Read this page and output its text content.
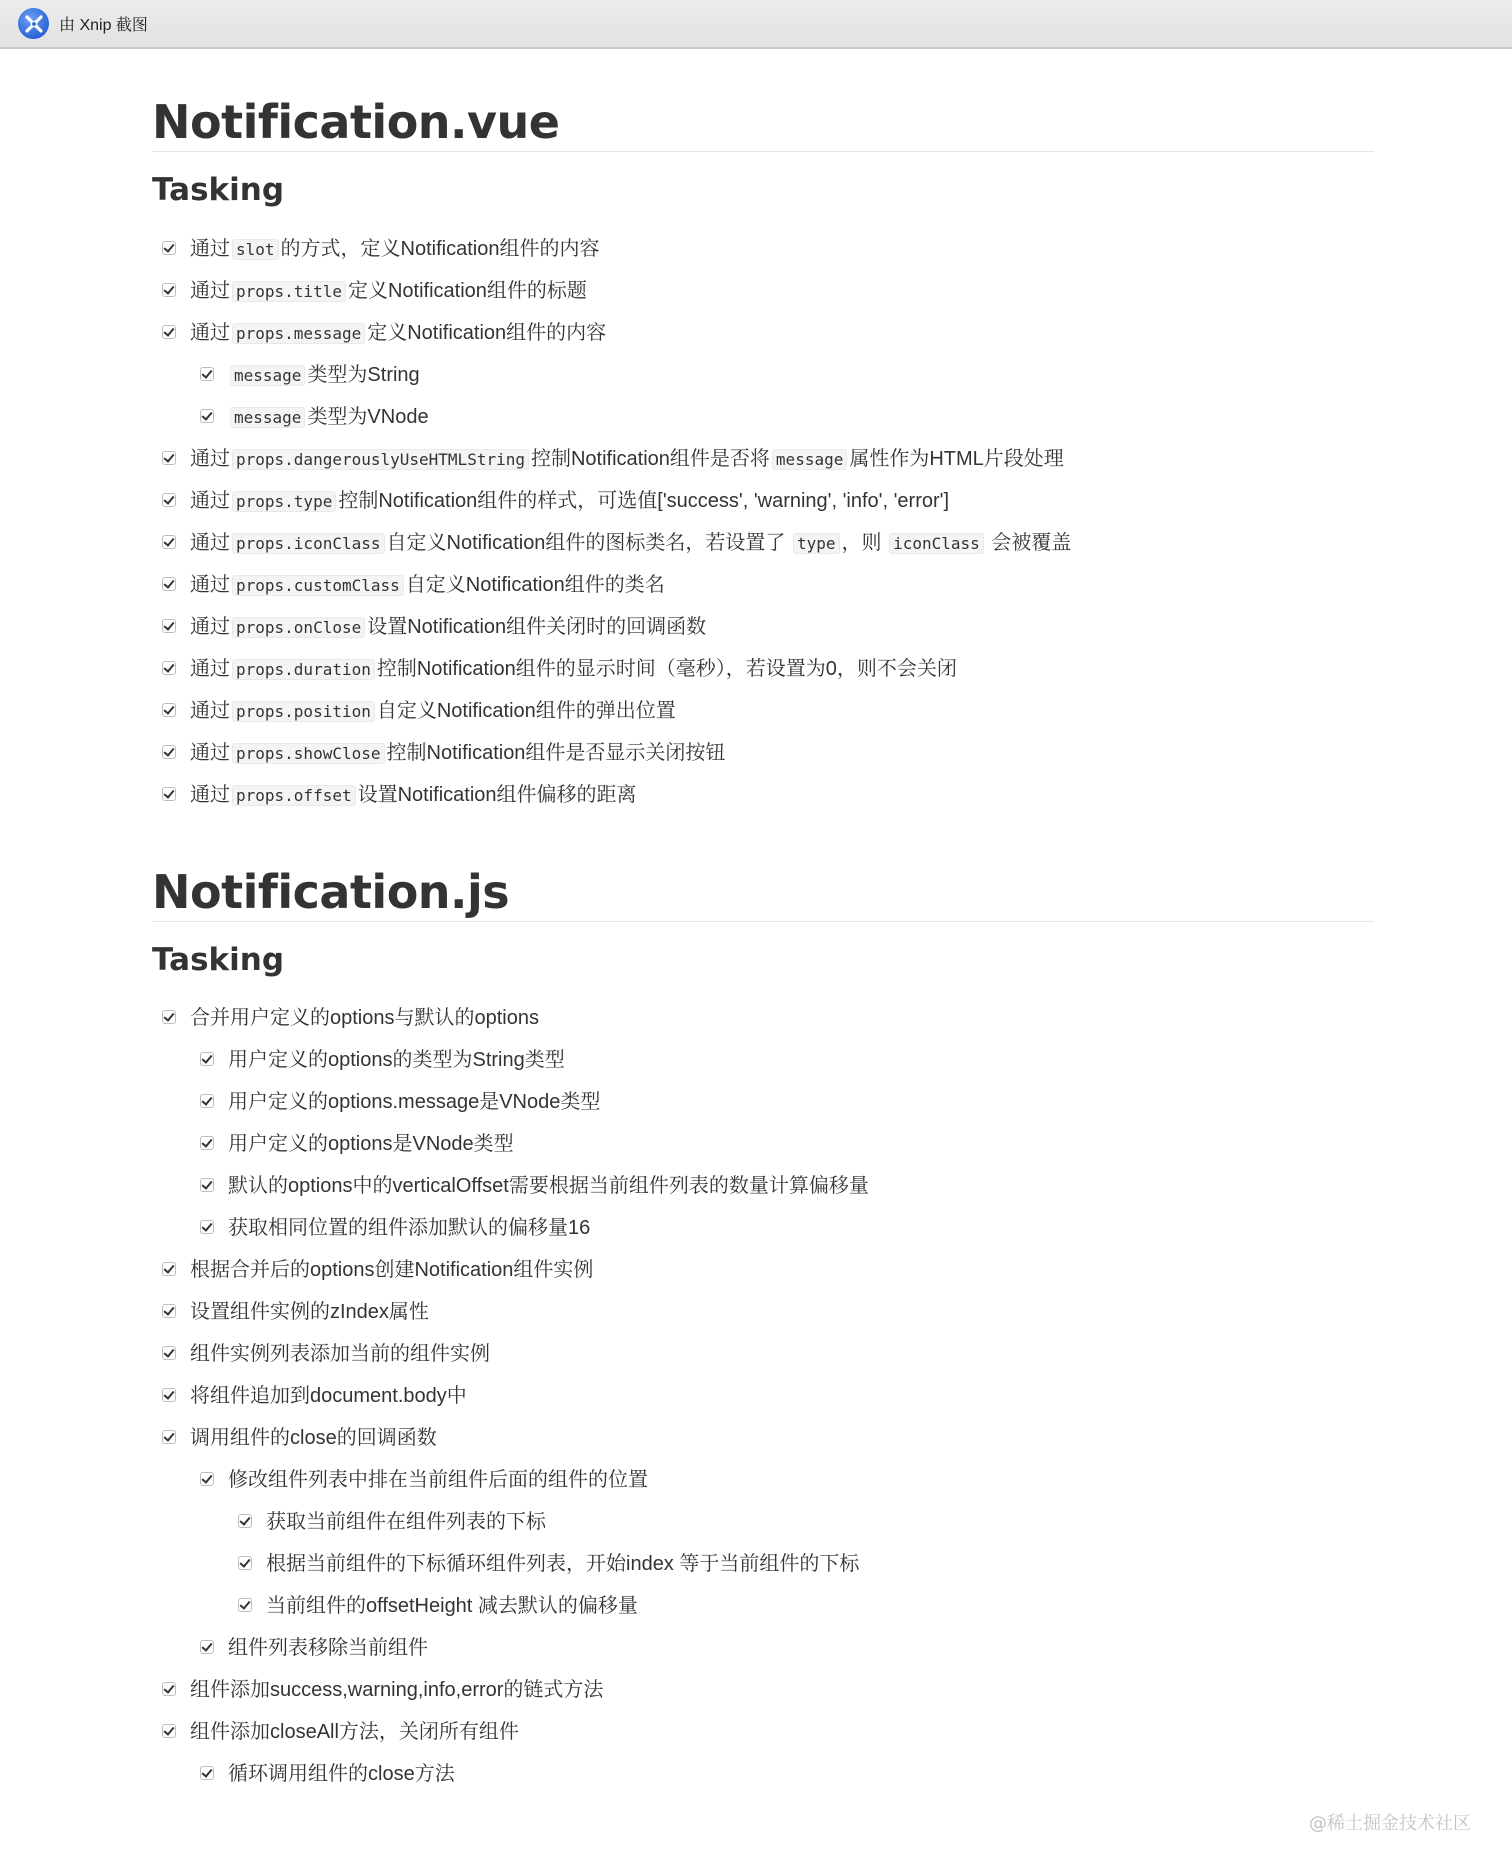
由 Xnip 截图
Notification.vue
Tasking
通过 slot 的方式，定义Notification组件的内容
通过 props.title 定义Notification组件的标题
通过 props.message 定义Notification组件的内容
message 类型为String
message 类型为VNode
通过 props.dangerouslyUseHTMLString 控制Notification组件是否将 message 属性作为HTML片段处理
通过 props.type 控制Notification组件的样式，可选值['success', 'warning', 'info', 'error']
通过 props.iconClass 自定义Notification组件的图标类名，若设置了 type ，则 iconClass 会被覆盖
通过 props.customClass 自定义Notification组件的类名
通过 props.onClose 设置Notification组件关闭时的回调函数
通过 props.duration 控制Notification组件的显示时间（毫秒），若设置为0，则不会关闭
通过 props.position 自定义Notification组件的弹出位置
通过 props.showClose 控制Notification组件是否显示关闭按钮
通过 props.offset 设置Notification组件偏移的距离
Notification.js
Tasking
合并用户定义的options与默认的options
用户定义的options的类型为String类型
用户定义的options.message是VNode类型
用户定义的options是VNode类型
默认的options中的verticalOffset需要根据当前组件列表的数量计算偏移量
获取相同位置的组件添加默认的偏移量16
根据合并后的options创建Notification组件实例
设置组件实例的zIndex属性
组件实例列表添加当前的组件实例
将组件追加到document.body中
调用组件的close的回调函数
修改组件列表中排在当前组件后面的组件的位置
获取当前组件在组件列表的下标
根据当前组件的下标循环组件列表，开始index 等于当前组件的下标
当前组件的offsetHeight 减去默认的偏移量
组件列表移除当前组件
组件添加success,warning,info,error的链式方法
组件添加closeAll方法，关闭所有组件
循环调用组件的close方法
@稀土掘金技术社区
